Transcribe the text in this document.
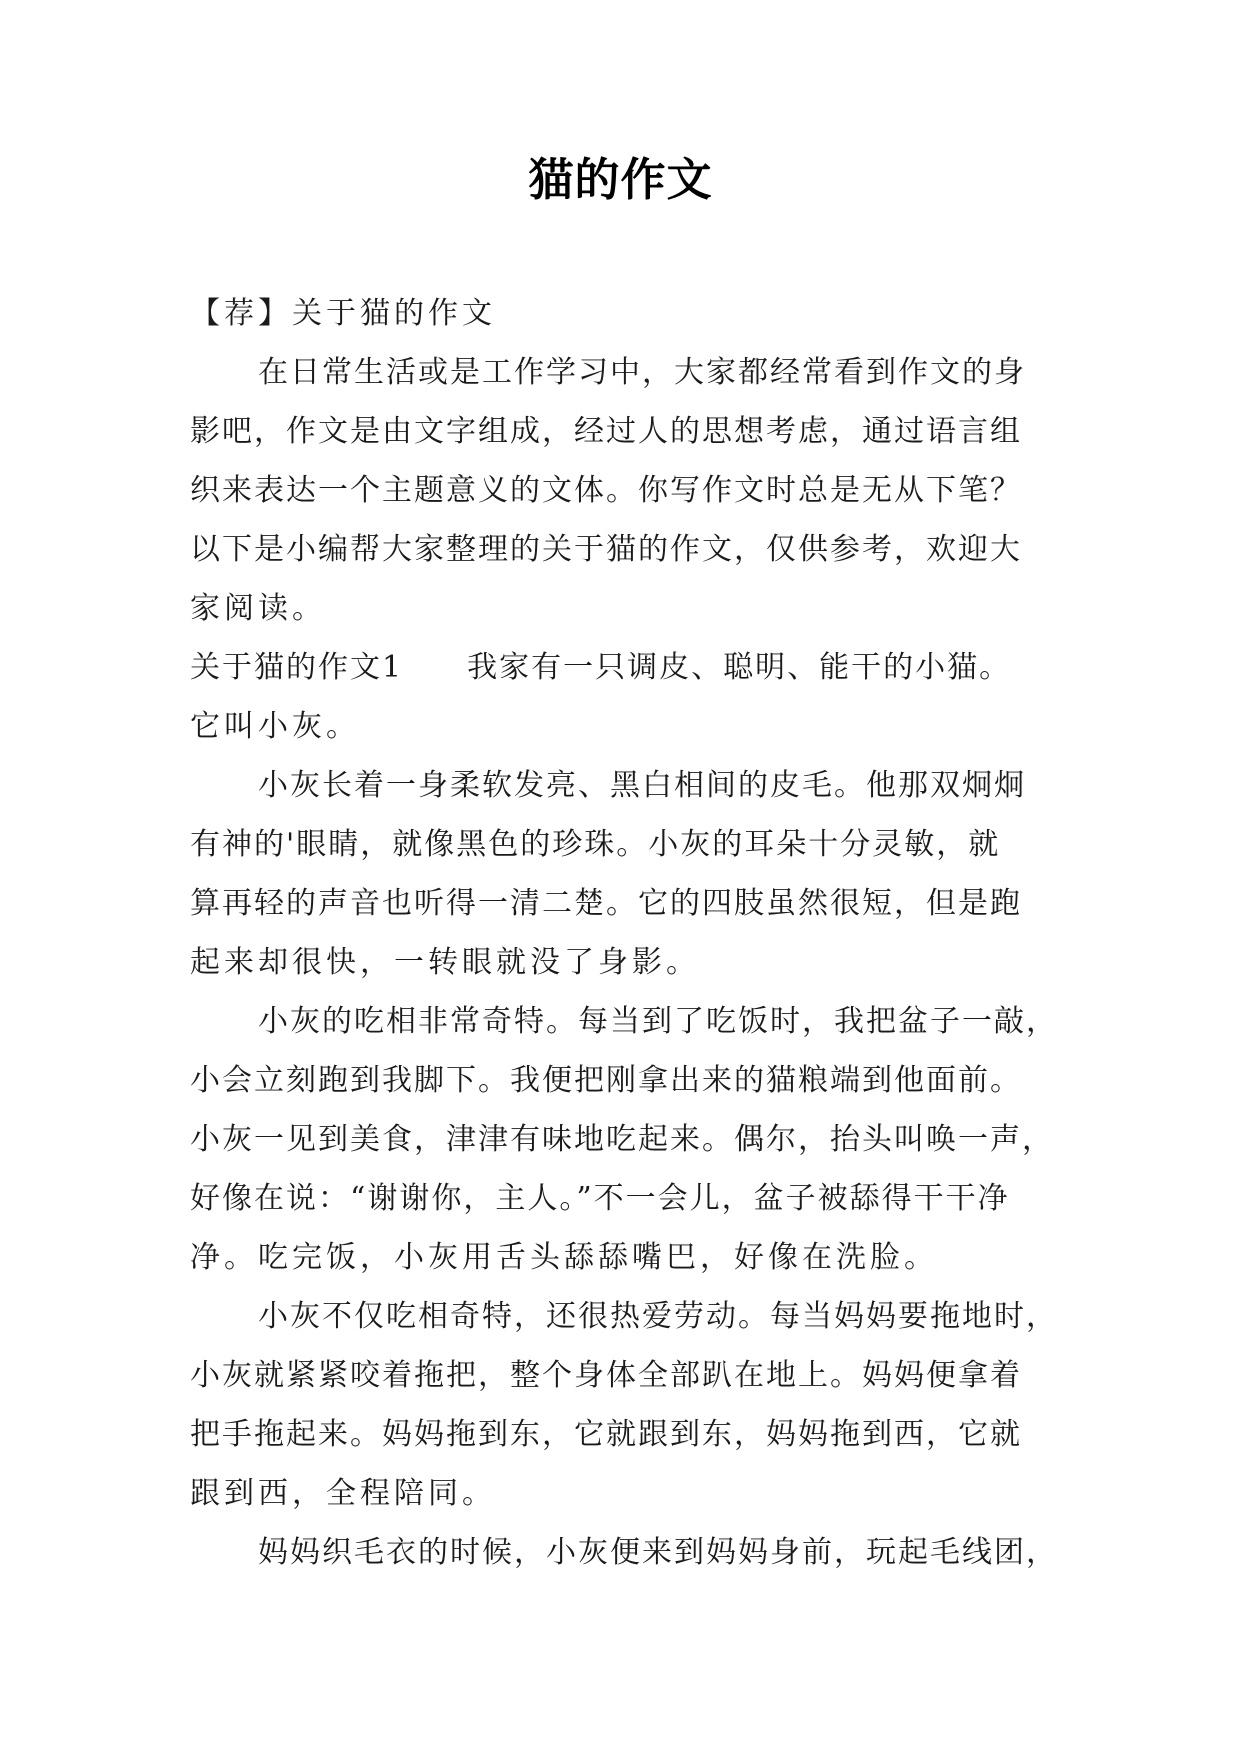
猫的作文
【荐】关于猫的作文
在日常生活或是工作学习中，大家都经常看到作文的身
影吧，作文是由文字组成，经过人的思想考虑，通过语言组
织来表达一个主题意义的文体。你写作文时总是无从下笔？
以下是小编帮大家整理的关于猫的作文，仅供参考，欢迎大
家阅读。
关于猫的作文1　　我家有一只调皮、聪明、能干的小猫。
它叫小灰。
小灰长着一身柔软发亮、黑白相间的皮毛。他那双炯炯
有神的'眼睛，就像黑色的珍珠。小灰的耳朵十分灵敏，就
算再轻的声音也听得一清二楚。它的四肢虽然很短，但是跑
起来却很快，一转眼就没了身影。
小灰的吃相非常奇特。每当到了吃饭时，我把盆子一敲，
小会立刻跑到我脚下。我便把刚拿出来的猫粮端到他面前。
小灰一见到美食，津津有味地吃起来。偶尔，抬头叫唤一声，
好像在说：“谢谢你，主人。”不一会儿，盆子被舔得干干净
净。吃完饭，小灰用舌头舔舔嘴巴，好像在洗脸。
小灰不仅吃相奇特，还很热爱劳动。每当妈妈要拖地时，
小灰就紧紧咬着拖把，整个身体全部趴在地上。妈妈便拿着
把手拖起来。妈妈拖到东，它就跟到东，妈妈拖到西，它就
跟到西，全程陪同。
妈妈织毛衣的时候，小灰便来到妈妈身前，玩起毛线团，
